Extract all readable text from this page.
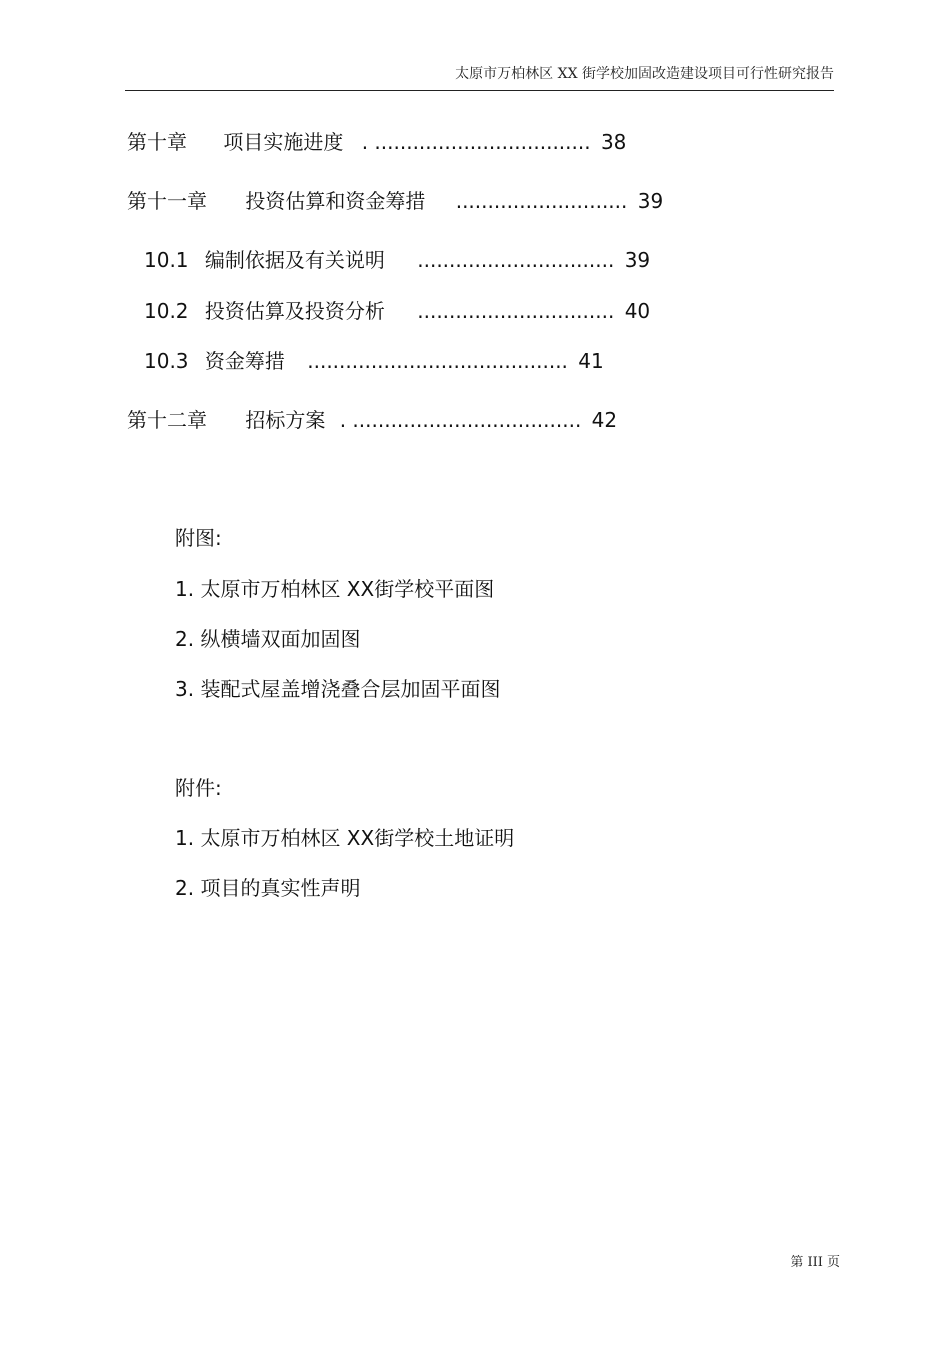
太原市万柏林区 XX 街学校加固改造建设项目可行性研究报告
第十章 项目实施进度 . .................................. 38
第十一章 投资估算和资金筹措 ........................... 39
10.1 编制依据及有关说明 ............................... 39
10.2 投资估算及投资分析 ............................... 40
10.3 资金筹措 ......................................... 41
第十二章 招标方案 . .................................... 42
附图:
1. 太原市万柏林区 XX街学校平面图
2. 纵横墙双面加固图
3. 装配式屋盖增浇叠合层加固平面图
附件:
1. 太原市万柏林区 XX街学校土地证明
2. 项目的真实性声明
第 III 页
